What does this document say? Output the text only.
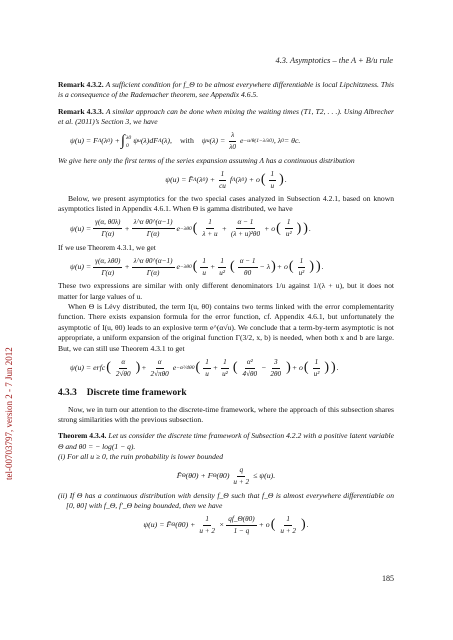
tel-00703797, version 2 - 7 Jun 2012
4.3. Asymptotics – the A + B/u rule

Remark 4.3.2. A sufficient condition for f_Θ to be almost everywhere differentiable is local Lipchitzness. This is a consequence of the Rademacher theorem, see Appendix 4.6.5.

Remark 4.3.3. A similar approach can be done when mixing the waiting times (T1, T2, . . .). Using Albrecher et al. (2011)’s Section 3, we have

ψ(u) = F Λ (λ 0 ) + ∫ λ0
0
ψ u (λ)dF Λ (λ), with ψ u $(\lambda) = \frac{\lambda}{\lambda 0}$ e −u/θ(1−λ/λ0) , λ 0 = θc.

We give here only the first terms of the series expansion assuming Λ has a continuous distribution

ψ(u) = F̄ Λ (λ 0 ) + $\frac{1}{cu}$ f Λ (λ 0 ) + o ( $\frac{1}{u}$ ) .

Below, we present asymptotics for the two special cases analyzed in Subsection 4.2.1, based on known asymptotics listed in Appendix 4.6.1. When Θ is gamma distributed, we have

$\psi(u) = \frac{\gamma(\alpha, \theta 0\lambda)}{\Gamma(\alpha)} + \frac{\text{λ\textasciicircum{}α θ0\textasciicircum{}(α−1)}}{\Gamma(\alpha)}$ e −λθ0 ( $\frac{1}{\lambda + u} + \frac{\alpha - 1}{\text{(λ + u)²θ0}} + o$ ( $\frac{1}{\text{u²}}$ ) ) .

If we use Theorem 4.3.1, we get

$\psi(u) = \frac{\gamma(\alpha, \lambda\theta 0)}{\Gamma(\alpha)} + \frac{\text{λ\textasciicircum{}α θ0\textasciicircum{}(α−1)}}{\Gamma(\alpha)}$ e −λθ0 ( $\frac{1}{u} + \frac{1}{\text{u²}}$ ( $\frac{\alpha - 1}{\theta 0} - \lambda$ ) + o ( $\frac{1}{\text{u²}}$ ) ) .

These two expressions are similar with only different denominators 1/u against 1/(λ + u), but it does not matter for large values of u.

When Θ is Lévy distributed, the term I(u, θ0) contains two terms linked with the error complementarity function. There exists expansion formula for the error function, cf. Appendix 4.6.1, but unfortunately the asymptotic of I(u, θ0) leads to an explosive term e^(α√u). We conclude that a term-by-term asymptotic is not appropriate, a uniform expansion of the original function Γ(3/2, x, b) is needed, when both x and b are large. But, we can still use Theorem 4.3.1 to get

ψ(u) = erfc ( $\frac{\alpha}{2√\theta 0}$ ) + $\frac{\alpha}{2√\pi\theta 0}$ e −α²/4θ0 ( $\frac{1}{u} + \frac{1}{\text{u²}}$ ( $\frac{\text{α²}}{4√\theta 0} - \frac{3}{2\theta 0}$ ) + o ( $\frac{1}{\text{u²}}$ ) ) .
4.3.3 Discrete time framework

Now, we in turn our attention to the discrete-time framework, where the approach of this subsection shares strong similarities with the previous subsection.

Theorem 4.3.4. Let us consider the discrete time framework of Subsection 4.2.2 with a positive latent variable Θ and θ0 = − log(1 − q).

(i) For all u ≥ 0, the ruin probability is lower bounded

F̄ Θ (θ0) + F Θ $(\theta 0) \frac{q}{u + 2} \le \psi(u)$.

(ii) If Θ has a continuous distribution with density f_Θ such that f_Θ is almost everywhere differentiable on [0, θ0] with f_Θ, f′_Θ being bounded, then we have

ψ(u) = F̄ Θ $(\theta 0) + \frac{1}{u + 2} \times \frac{qf\_\Theta(\theta 0)}{1 - q} + o$ ( $\frac{1}{u + 2}$ ) .
185
